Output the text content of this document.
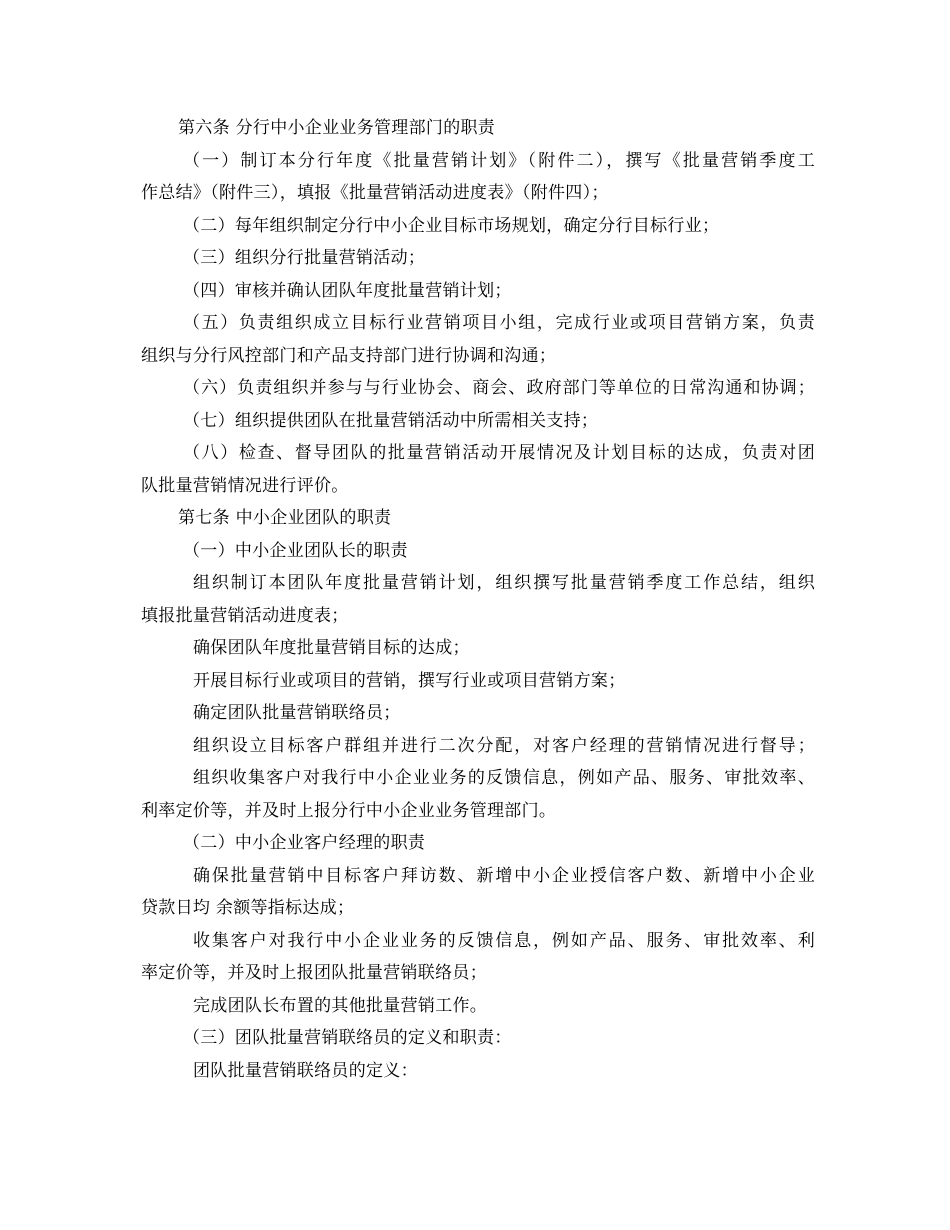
第六条 分行中小企业业务管理部门的职责
（一）制订本分行年度《批量营销计划》（附件二），撰写《批量营销季度工
作总结》（附件三），填报《批量营销活动进度表》（附件四）；
（二）每年组织制定分行中小企业目标市场规划，确定分行目标行业；
（三）组织分行批量营销活动；
（四）审核并确认团队年度批量营销计划；
（五）负责组织成立目标行业营销项目小组，完成行业或项目营销方案，负责
组织与分行风控部门和产品支持部门进行协调和沟通；
（六）负责组织并参与与行业协会、商会、政府部门等单位的日常沟通和协调；
（七）组织提供团队在批量营销活动中所需相关支持；
（八）检查、督导团队的批量营销活动开展情况及计划目标的达成，负责对团
队批量营销情况进行评价。
第七条 中小企业团队的职责
（一）中小企业团队长的职责
组织制订本团队年度批量营销计划，组织撰写批量营销季度工作总结，组织
填报批量营销活动进度表；
确保团队年度批量营销目标的达成；
开展目标行业或项目的营销，撰写行业或项目营销方案；
确定团队批量营销联络员；
组织设立目标客户群组并进行二次分配，对客户经理的营销情况进行督导；
组织收集客户对我行中小企业业务的反馈信息，例如产品、服务、审批效率、
利率定价等，并及时上报分行中小企业业务管理部门。
（二）中小企业客户经理的职责
确保批量营销中目标客户拜访数、新增中小企业授信客户数、新增中小企业
贷款日均 余额等指标达成；
收集客户对我行中小企业业务的反馈信息，例如产品、服务、审批效率、利
率定价等，并及时上报团队批量营销联络员；
完成团队长布置的其他批量营销工作。
（三）团队批量营销联络员的定义和职责：
团队批量营销联络员的定义：
